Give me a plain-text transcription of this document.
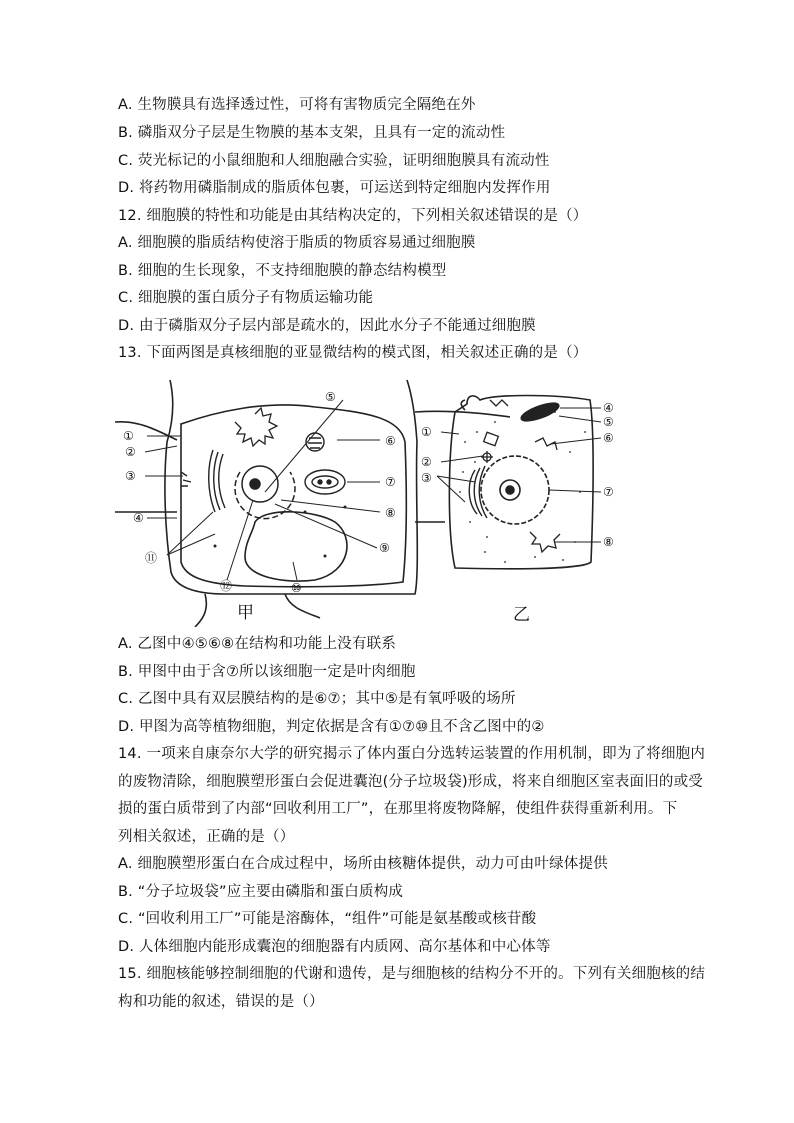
A. 生物膜具有选择透过性，可将有害物质完全隔绝在外
B. 磷脂双分子层是生物膜的基本支架，且具有一定的流动性
C. 荧光标记的小鼠细胞和人细胞融合实验，证明细胞膜具有流动性
D. 将药物用磷脂制成的脂质体包裹，可运送到特定细胞内发挥作用
12. 细胞膜的特性和功能是由其结构决定的，下列相关叙述错误的是（）
A. 细胞膜的脂质结构使溶于脂质的物质容易通过细胞膜
B. 细胞的生长现象，不支持细胞膜的静态结构模型
C. 细胞膜的蛋白质分子有物质运输功能
D. 由于磷脂双分子层内部是疏水的，因此水分子不能通过细胞膜
13. 下面两图是真核细胞的亚显微结构的模式图，相关叙述正确的是（）
①
②
③
④
⑤
⑥
⑦
⑧
⑨
⑩
⑪
⑫
甲
①
②
③
④
⑤
⑥
⑦
⑧
乙
A. 乙图中④⑤⑥⑧在结构和功能上没有联系
B. 甲图中由于含⑦所以该细胞一定是叶肉细胞
C. 乙图中具有双层膜结构的是⑥⑦；其中⑤是有氧呼吸的场所
D. 甲图为高等植物细胞，判定依据是含有①⑦⑩且不含乙图中的②
14. 一项来自康奈尔大学的研究揭示了体内蛋白分选转运装置的作用机制，即为了将细胞内
的废物清除，细胞膜塑形蛋白会促进囊泡(分子垃圾袋)形成，将来自细胞区室表面旧的或受
损的蛋白质带到了内部“回收利用工厂”，在那里将废物降解，使组件获得重新利用。下
列相关叙述，正确的是（）
A. 细胞膜塑形蛋白在合成过程中，场所由核糖体提供，动力可由叶绿体提供
B. “分子垃圾袋”应主要由磷脂和蛋白质构成
C. “回收利用工厂”可能是溶酶体，“组件”可能是氨基酸或核苷酸
D. 人体细胞内能形成囊泡的细胞器有内质网、高尔基体和中心体等
15. 细胞核能够控制细胞的代谢和遗传，是与细胞核的结构分不开的。下列有关细胞核的结
构和功能的叙述，错误的是（）
